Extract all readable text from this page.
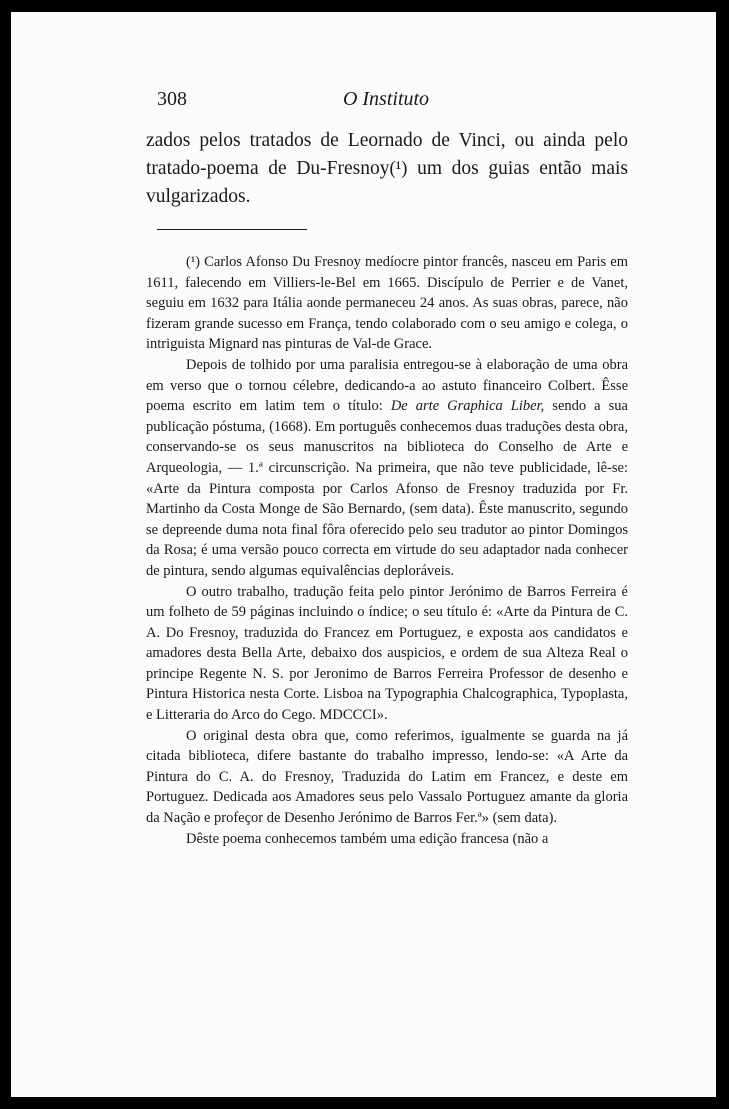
308	O Instituto
zados pelos tratados de Leornado de Vinci, ou ainda pelo tratado-poema de Du-Fresnoy(¹) um dos guias então mais vulgarizados.

(¹) Carlos Afonso Du Fresnoy medíocre pintor francês, nasceu em Paris em 1611, falecendo em Villiers-le-Bel em 1665. Discípulo de Perrier e de Vanet, seguiu em 1632 para Itália aonde permaneceu 24 anos. As suas obras, parece, não fizeram grande sucesso em França, tendo colaborado com o seu amigo e colega, o intriguista Mignard nas pinturas de Val-de Grace.

Depois de tolhido por uma paralisia entregou-se à elaboração de uma obra em verso que o tornou célebre, dedicando-a ao astuto financeiro Colbert. Êsse poema escrito em latim tem o título: De arte Graphica Liber, sendo a sua publicação póstuma, (1668). Em português conhecemos duas traduções desta obra, conservando-se os seus manuscritos na biblioteca do Conselho de Arte e Arqueologia, — 1.ª circunscrição. Na primeira, que não teve publicidade, lê-se: «Arte da Pintura composta por Carlos Afonso de Fresnoy traduzida por Fr. Martinho da Costa Monge de São Bernardo, (sem data). Êste manuscrito, segundo se depreende duma nota final fôra oferecido pelo seu tradutor ao pintor Domingos da Rosa; é uma versão pouco correcta em virtude do seu adaptador nada conhecer de pintura, sendo algumas equivalências deploráveis.

O outro trabalho, tradução feita pelo pintor Jerónimo de Barros Ferreira é um folheto de 59 páginas incluindo o índice; o seu título é: «Arte da Pintura de C. A. Do Fresnoy, traduzida do Francez em Portuguez, e exposta aos candidatos e amadores desta Bella Arte, debaixo dos auspicios, e ordem de sua Alteza Real o principe Regente N. S. por Jeronimo de Barros Ferreira Professor de desenho e Pintura Historica nesta Corte. Lisboa na Typographia Chalcographica, Typoplasta, e Litteraria do Arco do Cego. MDCCCI».

O original desta obra que, como referimos, igualmente se guarda na já citada biblioteca, difere bastante do trabalho impresso, lendo-se: «A Arte da Pintura do C. A. do Fresnoy, Traduzida do Latim em Francez, e deste em Portuguez. Dedicada aos Amadores seus pelo Vassalo Portuguez amante da gloria da Nação e profeçor de Desenho Jerónimo de Barros Fer.ª» (sem data).

Dêste poema conhecemos também uma edição francesa (não a
